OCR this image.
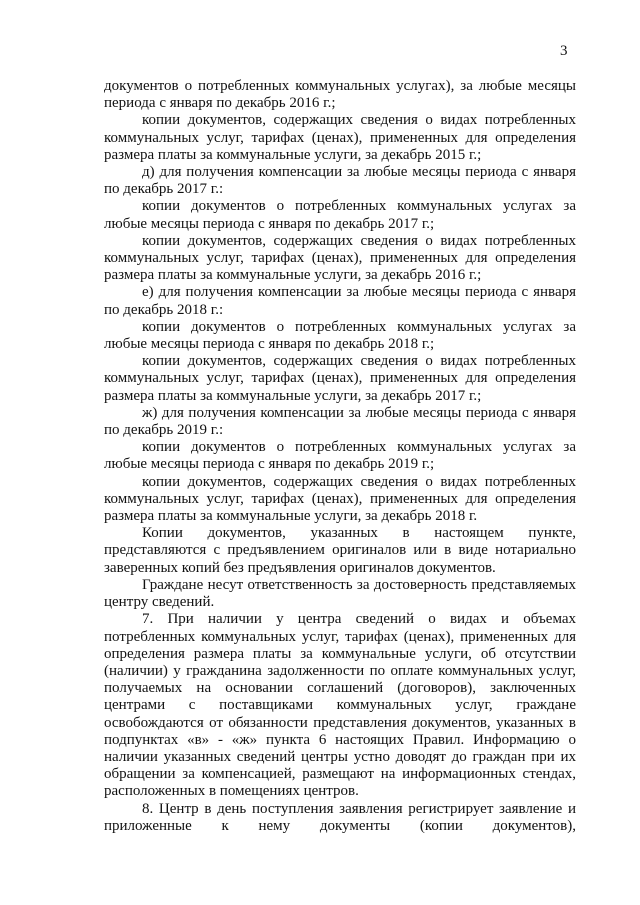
3

документов о потребленных коммунальных услугах), за любые месяцы периода с января по декабрь 2016 г.;

копии документов, содержащих сведения о видах потребленных коммунальных услуг, тарифах (ценах), примененных для определения размера платы за коммунальные услуги, за декабрь 2015 г.;

д) для получения компенсации за любые месяцы периода с января по декабрь 2017 г.:

копии документов о потребленных коммунальных услугах за любые месяцы периода с января по декабрь 2017 г.;

копии документов, содержащих сведения о видах потребленных коммунальных услуг, тарифах (ценах), примененных для определения размера платы за коммунальные услуги, за декабрь 2016 г.;

е) для получения компенсации за любые месяцы периода с января по декабрь 2018 г.:

копии документов о потребленных коммунальных услугах за любые месяцы периода с января по декабрь 2018 г.;

копии документов, содержащих сведения о видах потребленных коммунальных услуг, тарифах (ценах), примененных для определения размера платы за коммунальные услуги, за декабрь 2017 г.;

ж) для получения компенсации за любые месяцы периода с января по декабрь 2019 г.:

копии документов о потребленных коммунальных услугах за любые месяцы периода с января по декабрь 2019 г.;

копии документов, содержащих сведения о видах потребленных коммунальных услуг, тарифах (ценах), примененных для определения размера платы за коммунальные услуги, за декабрь 2018 г.

Копии документов, указанных в настоящем пункте, представляются с предъявлением оригиналов или в виде нотариально заверенных копий без предъявления оригиналов документов.

Граждане несут ответственность за достоверность представляемых центру сведений.

7. При наличии у центра сведений о видах и объемах потребленных коммунальных услуг, тарифах (ценах), примененных для определения размера платы за коммунальные услуги, об отсутствии (наличии) у гражданина задолженности по оплате коммунальных услуг, получаемых на основании соглашений (договоров), заключенных центрами с поставщиками коммунальных услуг, граждане освобождаются от обязанности представления документов, указанных в подпунктах «в» - «ж» пункта 6 настоящих Правил. Информацию о наличии указанных сведений центры устно доводят до граждан при их обращении за компенсацией, размещают на информационных стендах, расположенных в помещениях центров.

8. Центр в день поступления заявления регистрирует заявление и приложенные к нему документы (копии документов),
